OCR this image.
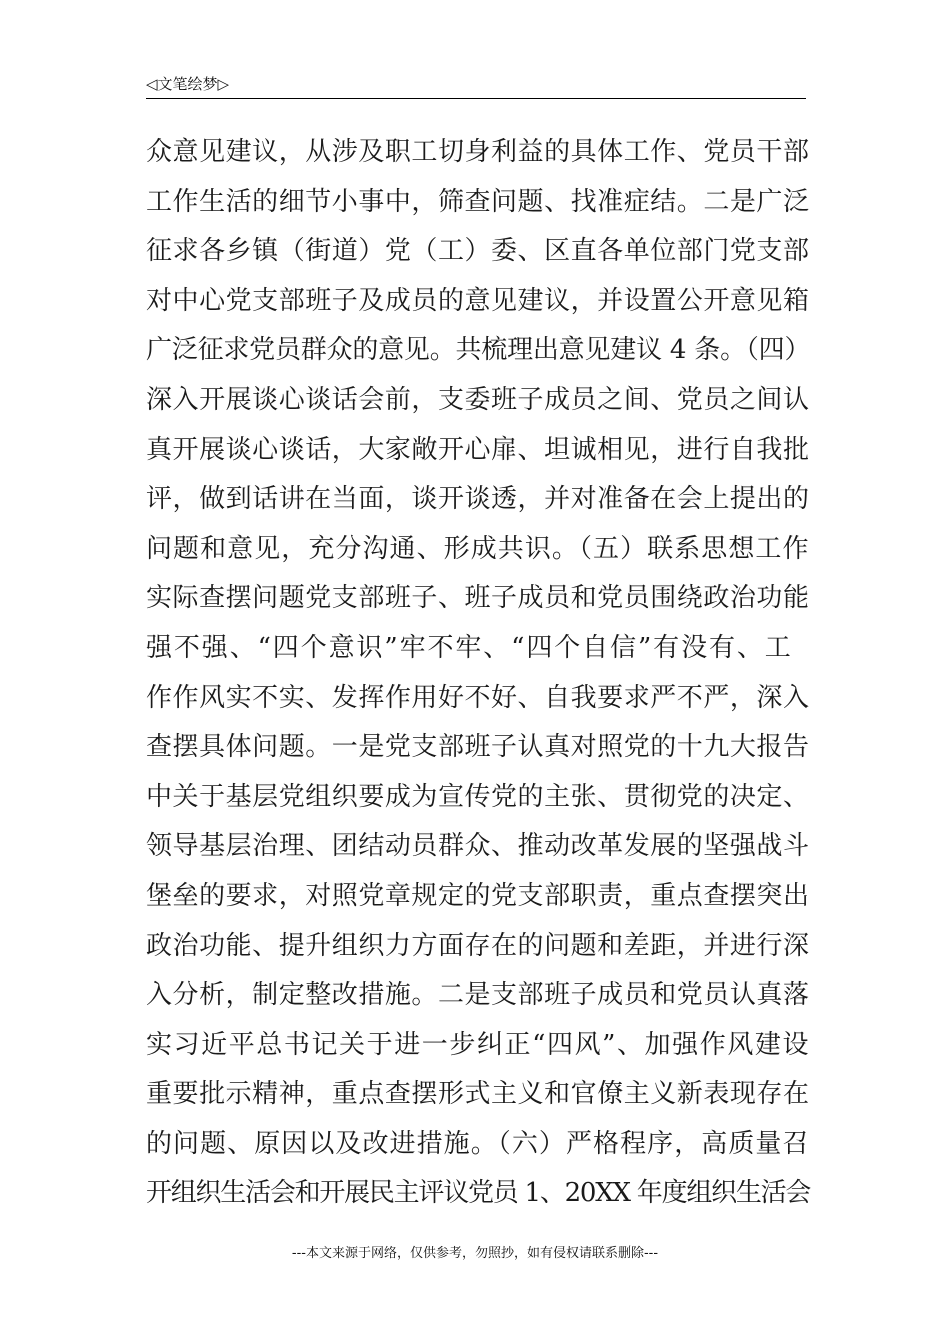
◁文笔绘梦▷
众意见建议，从涉及职工切身利益的具体工作、党员干部
工作生活的细节小事中，筛查问题、找准症结。二是广泛
征求各乡镇（街道）党（工）委、区直各单位部门党支部
对中心党支部班子及成员的意见建议，并设置公开意见箱
广泛征求党员群众的意见。共梳理出意见建议 4 条。（四）
深入开展谈心谈话会前，支委班子成员之间、党员之间认
真开展谈心谈话，大家敞开心扉、坦诚相见，进行自我批
评，做到话讲在当面，谈开谈透，并对准备在会上提出的
问题和意见，充分沟通、形成共识。（五）联系思想工作
实际查摆问题党支部班子、班子成员和党员围绕政治功能
强不强、“四个意识”牢不牢、“四个自信”有没有、工
作作风实不实、发挥作用好不好、自我要求严不严，深入
查摆具体问题。一是党支部班子认真对照党的十九大报告
中关于基层党组织要成为宣传党的主张、贯彻党的决定、
领导基层治理、团结动员群众、推动改革发展的坚强战斗
堡垒的要求，对照党章规定的党支部职责，重点查摆突出
政治功能、提升组织力方面存在的问题和差距，并进行深
入分析，制定整改措施。二是支部班子成员和党员认真落
实习近平总书记关于进一步纠正“四风”、加强作风建设
重要批示精神，重点查摆形式主义和官僚主义新表现存在
的问题、原因以及改进措施。（六）严格程序，高质量召
开组织生活会和开展民主评议党员 1、20XX 年度组织生活会
---本文来源于网络，仅供参考，勿照抄，如有侵权请联系删除---
